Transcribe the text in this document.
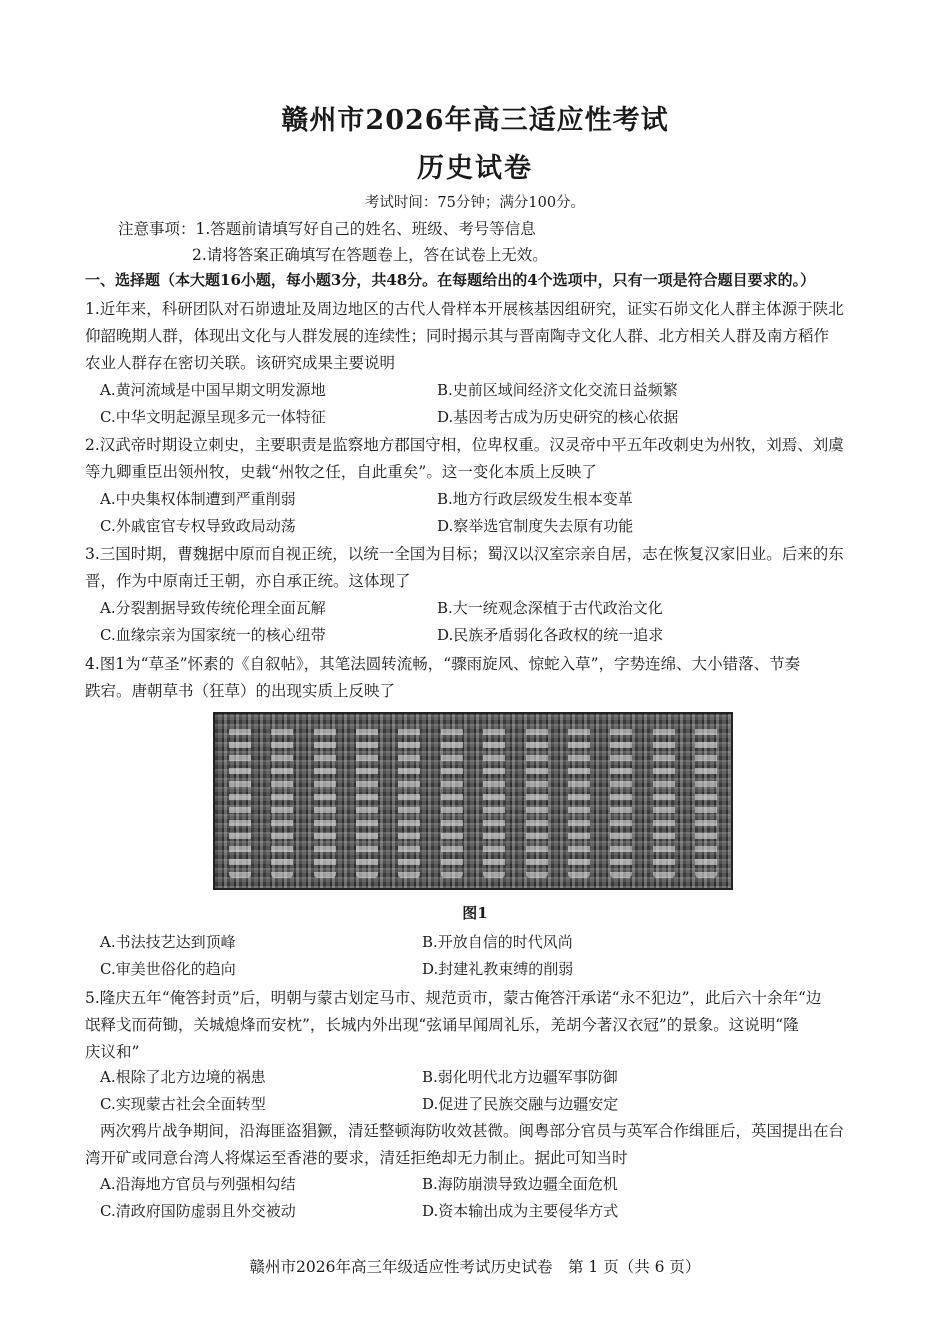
赣州市2026年高三适应性考试
历史试卷
考试时间：75分钟；满分100分。
注意事项：1.答题前请填写好自己的姓名、班级、考号等信息
2.请将答案正确填写在答题卷上，答在试卷上无效。
一、选择题（本大题16小题，每小题3分，共48分。在每题给出的4个选项中，只有一项是符合题目要求的。）
1.近年来，科研团队对石峁遗址及周边地区的古代人骨样本开展核基因组研究，证实石峁文化人群主体源于陕北
仰韶晚期人群，体现出文化与人群发展的连续性；同时揭示其与晋南陶寺文化人群、北方相关人群及南方稻作
农业人群存在密切关联。该研究成果主要说明
A.黄河流域是中国早期文明发源地	B.史前区域间经济文化交流日益频繁
C.中华文明起源呈现多元一体特征	D.基因考古成为历史研究的核心依据
2.汉武帝时期设立刺史，主要职责是监察地方郡国守相，位卑权重。汉灵帝中平五年改刺史为州牧，刘焉、刘虞
等九卿重臣出领州牧，史载“州牧之任，自此重矣”。这一变化本质上反映了
A.中央集权体制遭到严重削弱	B.地方行政层级发生根本变革
C.外戚宦官专权导致政局动荡	D.察举选官制度失去原有功能
3.三国时期，曹魏据中原而自视正统，以统一全国为目标；蜀汉以汉室宗亲自居，志在恢复汉家旧业。后来的东
晋，作为中原南迁王朝，亦自承正统。这体现了
A.分裂割据导致传统伦理全面瓦解	B.大一统观念深植于古代政治文化
C.血缘宗亲为国家统一的核心纽带	D.民族矛盾弱化各政权的统一追求
4.图1为“草圣”怀素的《自叙帖》，其笔法圆转流畅，“骤雨旋风、惊蛇入草”，字势连绵、大小错落、节奏
跌宕。唐朝草书（狂草）的出现实质上反映了
图1
A.书法技艺达到顶峰	B.开放自信的时代风尚
C.审美世俗化的趋向	D.封建礼教束缚的削弱
5.隆庆五年“俺答封贡”后，明朝与蒙古划定马市、规范贡市，蒙古俺答汗承诺“永不犯边”，此后六十余年“边
氓释戈而荷锄，关城熄烽而安枕”，长城内外出现“弦诵早闻周礼乐，羌胡今著汉衣冠”的景象。这说明“隆
庆议和”
A.根除了北方边境的祸患	B.弱化明代北方边疆军事防御
C.实现蒙古社会全面转型	D.促进了民族交融与边疆安定
两次鸦片战争期间，沿海匪盗猖獗，清廷整顿海防收效甚微。闽粤部分官员与英军合作缉匪后，英国提出在台
湾开矿或同意台湾人将煤运至香港的要求，清廷拒绝却无力制止。据此可知当时
A.沿海地方官员与列强相勾结	B.海防崩溃导致边疆全面危机
C.清政府国防虚弱且外交被动	D.资本输出成为主要侵华方式
赣州市2026年高三年级适应性考试历史试卷　第 1 页（共 6 页）
